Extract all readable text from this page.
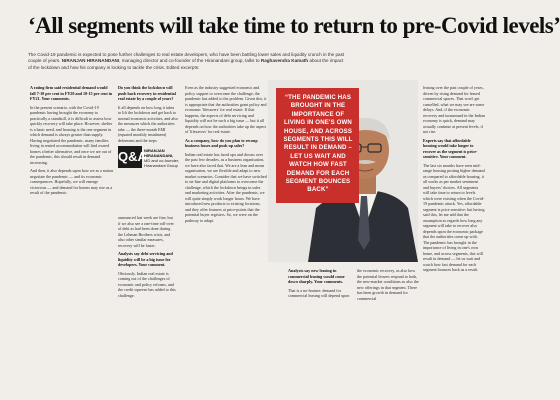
‘All segments will take time to return to pre-Covid levels’

The Covid-19 pandemic is expected to pose further challenges to real estate developers, who have been battling lower sales and liquidity crunch in the past couple of years. NIRANJAN HIRANANDANI, managing director and co-founder of the Hiranandani group, talks to Raghavendra Kamath about the impact of the lockdown and how his company is looking to tackle the crisis. Edited excerpts:

A rating firm said residential demand would fall 7-10 per cent in FY20 and 10-15 per cent in FY21. Your comments.

In the present scenario, with the Covid-19 pandemic having brought the economy to practically a standstill, it is difficult to assess how quickly recovery will take place. However, shelter is a basic need, and housing is the one segment in which demand is always greater than supply. Having negotiated the pandemic, many families living in rented accommodation will find owned homes a better alternative, and once we are out of the pandemic, this should result in demand increasing.

And then, it also depends upon how we as a nation negotiate the pandemic — and its economic consequences. Hopefully, we will emerge victorious — and demand for homes may rise as a result of the pandemic.

Do you think the lockdown will push back recovery in residential real estate by a couple of years?

It all depends on how long it takes to lift the lockdown and get back to normal economic activities, and also the measures which the authorities take — the three-month EMI (equated monthly instalment) deferment and the steps

Q&A
NIRANJAN HIRANANDANI,
MD and co-founder, Hiranandani Group

announced last week are fine, but if we also see a one-time roll-over of debt as had been done during the Lehman Brothers crisis, and also other similar measures, recovery will be faster.

Analysts say debt servicing and liquidity will be a big issue for developers. Your comment.

Obviously. Indian real estate is coming out of the challenges of economic and policy reforms, and the credit squeeze has added to this challenge.

Even as the industry suggested economic and policy support to overcome the challenge, the pandemic has added to the problem. Given this, it is appropriate that the authorities grant policy and economic 'lifesavers' for real estate. If that happens, the aspects of debt servicing and liquidity will not be such a big issue — but it all depends on how the authorities take up the aspect of 'lifesavers' for real estate.

As a company, how do you plan to recoup business losses and push up sales?

Indian real estate has faced ups and downs over the past few decades, as a business organisation, we have also faced that. We are a lean and mean organisation, we are flexible and adapt to new market scenarios. Consider that we have switched to on-line and digital platforms to overcome the challenge, which the lockdown brings in sales and marketing activities. After the pandemic, we will quite simply work longer hours. We have introduced new products to existing locations, and they offer features at price-points that the potential buyer registers. So, we were on the pathway to adapt.

“THE PANDEMIC HAS BROUGHT IN THE IMPORTANCE OF LIVING IN ONE'S OWN HOUSE, AND ACROSS SEGMENTS THIS WILL RESULT IN DEMAND – LET US WAIT AND WATCH HOW FAST DEMAND FOR EACH SEGMENT BOUNCES BACK”

Analysts say new leasing in commercial leasing would come down sharply. Your comments.

That is a no-brainer: demand for commercial leasing will depend upon

the economic recovery, as also how the potential lessees respond to both, the new-market conditions as also the new offerings in that segment. There has been growth in demand for commercial

leasing over the past couple of years, driven by rising demand for leased commercial spaces. That won't get cancelled, what we may see are some delays. And, if the economic recovery and turnaround in the Indian economy is quick, demand may actually continue at present levels, if not rise.

Experts say that affordable housing would take longer to recover as the segment is price-sensitive. Your comment.

The last six months have seen mid-range housing posting higher demand as compared to affordable housing, it all works as per market sentiment and buyers' choices. All segments will take time to return to levels which were existing when the Covid-19 pandemic attack. Yes, affordable segment is price sensitive; but having said this, let me add that the assumption as regards how long any segment will take to recover also depends upon the economic package that the authorities come up with. The pandemic has brought in the importance of living in one's own home, and across segments, this will result in demand — let us wait and watch how fast demand for each segment bounces back as a result.
